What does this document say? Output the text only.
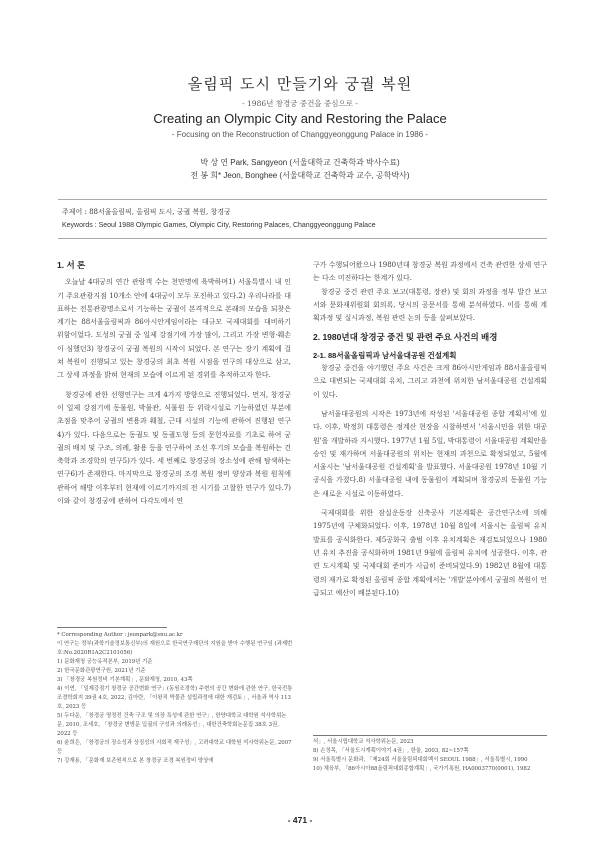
올림픽 도시 만들기와 궁궐 복원
- 1986년 창경궁 중건을 중심으로 -
Creating an Olympic City and Restoring the Palace
- Focusing on the Reconstruction of Changgyeonggung Palace in 1986 -
박 상 연 Park, Sangyeon (서울대학교 건축학과 박사수료)
전 봉 희* Jeon, Bonghee (서울대학교 건축학과 교수, 공학박사)
주제어 : 88서울올림픽, 올림픽 도시, 궁궐 복원, 창경궁
Keywords : Seoul 1988 Olympic Games, Olympic City, Restoring Palaces, Changgyeonggung Palace
1. 서 론

오늘날 4대궁의 연간 관람객 수는 천만명에 육박하며1) 서울특별시 내 인기 주요관광지점 10개소 안에 4대궁이 모두 포진하고 있다.2) 우리나라를 대표하는 전통관광명소로서 기능하는 궁궐이 본격적으로 본래의 모습을 되찾은 계기는 88서울올림픽과 86아시안게임이라는 대규모 국제대회를 대비하기 위함이었다. 도성의 궁궐 중 일제 강점기에 가장 많이, 그리고 가장 변형·훼손이 심했던3) 창경궁이 궁궐 복원의 시작이 되었다. 본 연구는 장기 계획에 걸쳐 복원이 진행되고 있는 창경궁의 최초 복원 시점을 연구의 대상으로 삼고, 그 상세 과정을 밝혀 현재의 모습에 이르게 된 경위를 추적하고자 한다.

창경궁에 관한 선행연구는 크게 4가지 방향으로 진행되었다. 먼저, 창경궁이 일제 강점기에 동물원, 박물관, 식물원 등 위락시설로 기능하였던 부분에 초점을 맞추어 궁궐의 변용과 훼철, 근대 시설의 기능에 관하여 진행된 연구4)가 있다. 다음으로는 동궐도 및 동궐도형 등의 문헌자료를 기초로 하여 궁궐의 배치 및 구조, 의례, 활용 등을 연구하여 조선 후기의 모습을 복원하는 건축학과 조경학의 연구5)가 있다. 세 번째로 창경궁의 장소성에 관해 탐색하는 연구6)가 존재한다. 마지막으로 창경궁의 조경 복원 정비 양상과 복원 원칙에 관하여 해방 이후부터 현재에 이르기까지의 전 시기를 고찰한 연구가 있다.7) 이와 같이 창경궁에 관하여 다각도에서 연

구가 수행되어왔으나 1980년대 창경궁 복원 과정에서 건축 관련한 상세 연구는 다소 미진하다는 한계가 있다.

창경궁 중건 관련 주요 보고(대통령, 장관) 및 회의 과정을 정부 발간 보고서와 문화재위원회 회의록, 당시의 공문서를 통해 분석하였다. 이를 통해 계획과정 및 실시과정, 복원 관련 논의 등을 살펴보았다.

2. 1980년대 창경궁 중건 및 관련 주요 사건의 배경
2-1. 88서울올림픽과 남서울대공원 건설계획

창경궁 중건을 야기했던 주요 사건은 크게 86아시안게임과 88서울올림픽으로 대변되는 국제대회 유치, 그리고 과천에 위치한 남서울대공원 건설계획이 있다.

남서울대공원의 시작은 1973년에 작성된 '서울대공원 종합 계획서'에 있다. 이후, 박정희 대통령은 정계산 현장을 시찰하면서 '서울시민을 위한 대공원'을 개발하라 지시했다. 1977년 1월 5일, 박대통령이 서울대공원 계획안을 승인 및 재가하며 서울대공원의 위치는 현재의 과천으로 확정되었고, 5월에 서울시는 '남서울대공원 건설계획'을 발표했다. 서울대공원 1978년 10월 기공식을 가졌다.8) 서울대공원 내에 동물원이 계획되며 창경궁의 동물원 기능은 새로운 시설로 이동하였다.

국제대회를 위한 잠실운동장 신축공사 기본계획은 공간연구소에 의해 1975년에 구체화되었다. 이후, 1978년 10월 8일에 서울시는 올림픽 유치 발표를 공식화한다. 제5공화국 출범 이후 유치계획은 재검토되었으나 1980년 유치 추진을 공식화하며 1981년 9월에 올림픽 유치에 성공한다. 이후, 관련 도시계획 및 국제대회 준비가 시급히 준비되었다.9) 1982년 8월에 대통령의 재가로 확정된 올림픽 종합 계획에서는 '개발'분야에서 궁궐의 복원이 언급되고 예산이 배분된다.10)

* Corresponding Author : jeonpark@snu.ac.kr
이 연구는 정부(과학기술정보통신부)의 재원으로 한국연구재단의 지원을 받아 수행된 연구임 (과제번호:No.2020R1A2C2101056)
1) 문화재청 궁능유적본부, 2019년 기준
2) 한국문화관광연구원, 2021년 기준
3) 「창경궁 복원정비 기본계획」, 문화재청, 2010, 43쪽
4) 이연, 「일제강점기 창경궁 공간변화 연구」(동원조경학) 주변의 공간 변화에 관한 연구, 한국전통조경학회지 39권 4호, 2022, 김아란, 「이왕직 박물관 설립과정에 대한 재검토」, 서울과 역사 113호, 2023 등
5) 두다운, 「창경궁 명정전 건축 구조 및 의장 특성에 관한 연구」, 한양대학교 대학원 석사학위논문, 2010, 조세호, 「창경궁 변방문 입궐의 구성과 의례동선」, 대한건축학회논문집 38호 3권, 2022 등
6) 윤희은, 「창경궁의 장소성과 상징성의 사회적 재구성」, 고려대학교 대학원 석사학위논문, 2007 등
7) 강재용, 「문화재 보존원칙으로 본 창경궁 조경 복원정비 양상에
석」, 서울시립대학교 석사학위논문, 2023
8) 손정목, 「서울도시계획이야기 4권」, 한울, 2003, 82~157쪽
9) 서울특별시 문화과, 「제24회 서울올림픽대회백서 SEOUL 1988」, 서울특별시, 1990
10) 체육부, 「86아시아88올림픽대회종합계획」, 국가기록원, HA0003770(0001), 1982
- 471 -
